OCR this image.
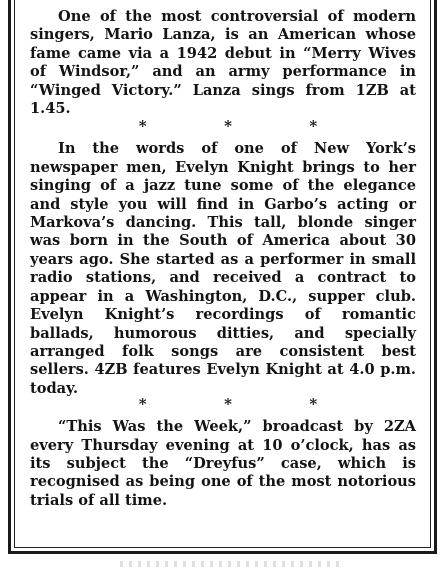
One of the most controversial of modern singers, Mario Lanza, is an American whose fame came via a 1942 debut in “Merry Wives of Windsor,” and an army performance in “Winged Victory.” Lanza sings from 1ZB at 1.45.

*	*	*

In the words of one of New York’s newspaper men, Evelyn Knight brings to her singing of a jazz tune some of the elegance and style you will find in Garbo’s acting or Markova’s dancing. This tall, blonde singer was born in the South of America about 30 years ago. She started as a performer in small radio stations, and received a contract to appear in a Washington, D.C., supper club. Evelyn Knight’s recordings of romantic ballads, humorous ditties, and specially arranged folk songs are consistent best sellers. 4ZB features Evelyn Knight at 4.0 p.m. today.

*	*	*

“This Was the Week,” broadcast by 2ZA every Thursday evening at 10 o’clock, has as its subject the “Dreyfus” case, which is recognised as being one of the most notorious trials of all time.
